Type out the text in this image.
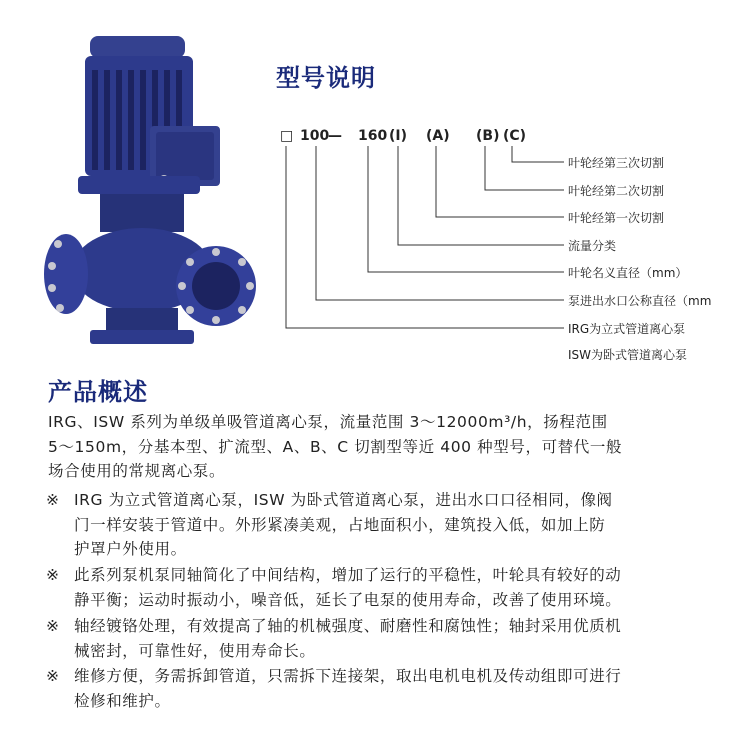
型号说明
□ 100
— 160 (I) (A) (B) (C)
叶轮经第三次切割
叶轮经第二次切割
叶轮经第一次切割
流量分类
叶轮名义直径（mm）
泵进出水口公称直径（mm
IRG为立式管道离心泵
ISW为卧式管道离心泵
产品概述
IRG、ISW 系列为单级单吸管道离心泵，流量范围 3～12000m³/h，扬程范围
5～150m，分基本型、扩流型、A、B、C 切割型等近 400 种型号，可替代一般
场合使用的常规离心泵。
※ IRG 为立式管道离心泵，ISW 为卧式管道离心泵，进出水口口径相同，像阀
门一样安装于管道中。外形紧凑美观，占地面积小，建筑投入低，如加上防
护罩户外使用。
※ 此系列泵机泵同轴简化了中间结构，增加了运行的平稳性，叶轮具有较好的动
静平衡；运动时振动小，噪音低，延长了电泵的使用寿命，改善了使用环境。
※ 轴经镀铬处理，有效提高了轴的机械强度、耐磨性和腐蚀性；轴封采用优质机
械密封，可靠性好，使用寿命长。
※ 维修方便，务需拆卸管道，只需拆下连接架，取出电机电机及传动组即可进行
检修和维护。
